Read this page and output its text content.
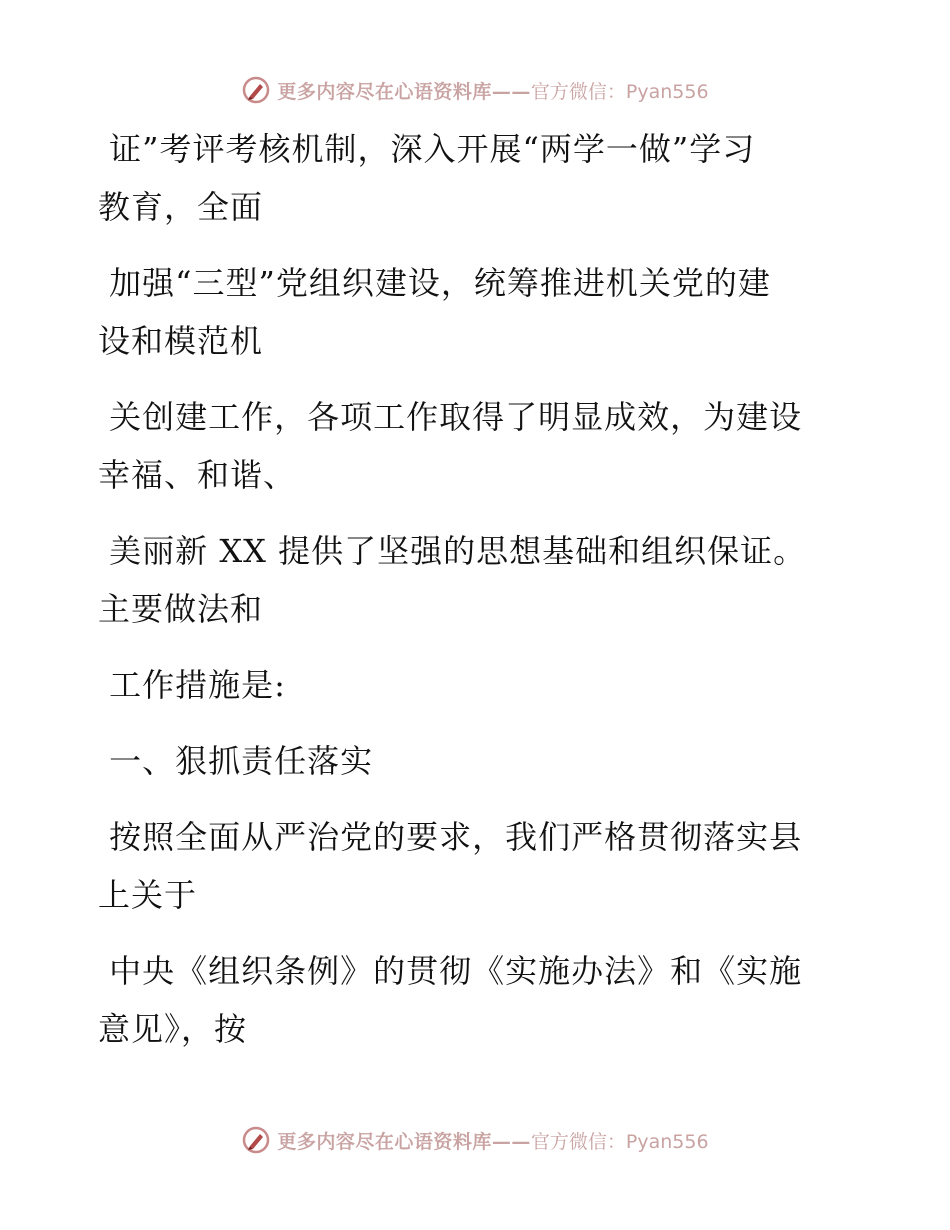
更多内容尽在心语资料库—— 官方微信：Pyan556

证”考评考核机制，深入开展“两学一做”学习
教育，全面

加强“三型”党组织建设，统筹推进机关党的建
设和模范机

关创建工作，各项工作取得了明显成效，为建设
幸福、和谐、

美丽新 XX 提供了坚强的思想基础和组织保证。
主要做法和

工作措施是:

一、狠抓责任落实

按照全面从严治党的要求，我们严格贯彻落实县
上关于

中央《组织条例》的贯彻《实施办法》和《实施
意见》，按

更多内容尽在心语资料库—— 官方微信：Pyan556
